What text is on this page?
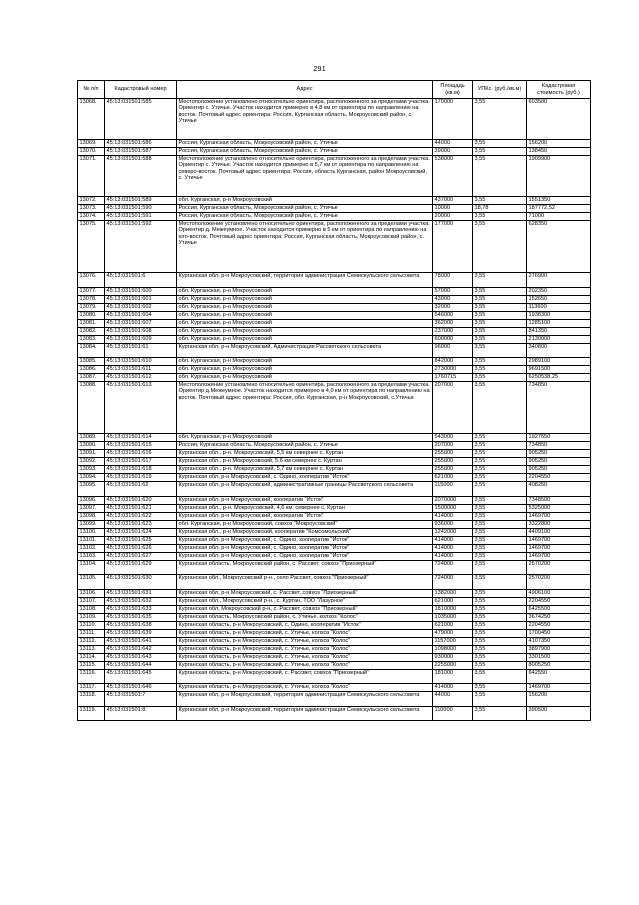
291
№ п/п	Кадастровый номер	Адрес	Площадь (кв.м)	УПКс. (руб./кв.м)	Кадастровая стоимость (руб.)
13068.	45:13:031501:585	Местоположение установлено относительно ориентира, расположенного за пределами участка. Ориентир с. Утичье. Участок находится примерно в 4,8 км от ориентира по направлению на восток. Почтовый адрес ориентира: Россия, Курганская область, Мокроусовский район, с. Утичье	170000	3,55	603500
13069.	45:13:031501:586	Россия, Курганская область, Мокроусовский район, с. Утичье	44000	3,55	156200
13070.	45:13:031501:587	Россия, Курганская область, Мокроусовский район, с. Утичье	39000	3,55	138450
13071.	45:13:031501:588	Местоположение установлено относительно ориентира, расположенного за пределами участка. Ориентир с. Утичье. Участок находится примерно в 5,7 км от ориентира по направлению на северо-восток. Почтовый адрес ориентира: Россия, область Курганская, район Мокроусовский, с. Утичье	538000	3,55	1909900
13072.	45:13:031501:589	обл. Курганская, р-н Мокроусовский	437000	3,55	1551350
13073.	45:13:031501:590	Россия, Курганская область, Мокроусовский район, с. Утичье	10000	18,78	187772,52
13074.	45:13:031501:591	Россия, Курганская область, Мокроусовский район, с. Утичье	20000	3,55	71000
13075.	45:13:031501:592	Местоположение установлено относительно ориентира, расположенного за пределами участка. Ориентир д. Межеумное. Участок находится примерно в 5 км от ориентира по направлению на юго-восток. Почтовый адрес ориентира: Россия, Курганская область, Мокроусовский район, с. Утичье	177000	3,55	628350
13076.	45:13:031501:6	Курганская обл, р-н Мокроусовский, территория администрация Семискульского сельсовета	78000	3,55	276900
13077.	45:13:031501:600	обл. Курганская, р-н Мокроусовский	57000	3,55	202350
13078.	45:13:031501:601	обл. Курганская, р-н Мокроусовский	43000	3,55	152650
13079.	45:13:031501:602	обл. Курганская, р-н Мокроусовский	32000	3,55	113600
13080.	45:13:031501:604	обл. Курганская, р-н Мокроусовский	546000	3,55	1938300
13081.	45:13:031501:607	обл. Курганская, р-н Мокроусовский	362000	3,55	1285100
13082.	45:13:031501:608	обл. Курганская, р-н Мокроусовский	237000	3,55	841350
13083.	45:13:031501:609	обл. Курганская, р-н Мокроусовский	600000	3,55	2130000
13084.	45:13:031501:61	Курганская обл, р-н Мокроусовский, Администрация Рассветского сельсовета	96000	3,55	340800
13085.	45:13:031501:610	обл. Курганская, р-н Мокроусовский	842000	3,55	2989100
13086.	45:13:031501:611	обл. Курганская, р-н Мокроусовский	2730000	3,55	9691500
13087.	45:13:031501:612	обл. Курганская, р-н Мокроусовский	1760715	3,55	6250538,25
13088.	45:13:031501:613	Местоположение установлено относительно ориентира, расположенного за пределами участка. Ориентир д.Межеумное. Участок находится примерно в 4,0 км от ориентира по направлению на восток. Почтовый адрес ориентира: Россия, обл. Курганская, р-н Мокроусовский, с.Утичье	207000	3,55	734850
13089.	45:13:031501:614	обл. Курганская, р-н Мокроусовский	543000	3,55	1927650
13090.	45:13:031501:615	Россия, Курганская область, Мокроусовский район, с. Утичье	207000	3,55	734850
13091.	45:13:031501:616	Курганская обл., р-н. Мокроусовский, 5,5 км севернее с. Куртан	255000	3,55	905250
13092.	45:13:031501:617	Курганская обл., р-н Мокроусовский, 5,6 км севернее с. Куртан	255000	3,55	905250
13093.	45:13:031501:618	Курганская обл., р-н. Мокроусовский, 5,7 км севернее с. Куртан	255000	3,55	905250
13094.	45:13:031501:619	Курганская обл, р-н Мокроусовский, с. Одино, кооператив "Исток"	621000	3,55	2204550
13095.	45:13:031501:62	Курганская обл, р-н Мокроусовский, административные границы Рассветского сельсовета	115000	3,55	408250
13096.	45:13:031501:620	Курганская обл, р-н Мокроусовский, кооператив "Исток"	2070000	3,55	7348500
13097.	45:13:031501:621	Курганская обл., р-н. Мокроусовский, 4,6 км. севернее с. Куртан	1500000	3,55	5325000
13098.	45:13:031501:622	Курганская обл, р-н Мокроусовский, кооператив "Исток"	414000	3,55	1469700
13099.	45:13:031501:623	обл. Курганская, р-н Мокроусовский, совхоз "Мокроусовский"	936000	3,55	3322800
13100.	45:13:031501:624	Курганская обл., р-н Мокроусовский, кооператив "Комсомольский"	1242000	3,55	4409100
13101.	45:13:031501:625	Курганская обл, р-н Мокроусовский, с. Одино, кооператив "Исток"	414000	3,55	1469700
13102.	45:13:031501:626	Курганская обл, р-н Мокроусовский, с. Одино, кооператив "Исток"	414000	3,55	1469700
13103.	45:13:031501:627	Курганская обл, р-н Мокроусовский, с. Одино, кооператив "Исток"	414000	3,55	1469700
13104.	45:13:031501:629	Курганская область, Мокроусовский район, с. Рассвет, совхоз "Приозерный"	724000	3,55	2570200
13105.	45:13:031501:630	Курганская обл., Мокроусовский р-н., село Рассвет, совхоз "Приозерный"	724000	3,55	2570200
13106.	45:13:031501:631	Курганская обл, р-н Мокроусовский, с. Рассвет, совхоз "Приозерный"	1382000	3,55	4906100
13107.	45:13:031501:632	Курганская обл., Мокроусовский р-н., с. Куртан, ТОО "Лазурное"	621000	3,55	2204550
13108.	45:13:031501:633	Курганская обл, Мокроусовский р-н, с. Рассвет, совхоз "Приозерный"	1810000	3,55	6425500
13109.	45:13:031501:635	Курганская область, Мокроусовский район, с. Утичье, колхоз "Колос"	1035000	3,55	3674250
13110.	45:13:031501:638	Курганская область, р-н Мокроусовский, с. Одино, кооператив "Исток"	621000	3,55	2204550
13111.	45:13:031501:639	Курганская область, р-н Мокроусовский, с. Утичье, колхоз "Колос"	479000	3,55	1700450
13112.	45:13:031501:641	Курганская область, р-н Мокроусовский, с. Утичье, колхоз "Колос"	1157000	3,55	4107350
13113.	45:13:031501:642	Курганская область, р-н Мокроусовский, с. Утичье, колхоз "Колос"	1098000	3,55	3897900
13114.	45:13:031501:643	Курганская область, р-н Мокроусовский, с. Утичье, колхоз "Колос"	930000	3,55	3301500
13115.	45:13:031501:644	Курганская область, р-н Мокроусовский, с. Утичье, колхоз "Колос"	2255000	3,55	8005250
13116.	45:13:031501:645	Курганская область, р-н Мокроусовский, с. Рассвет, совхоз "Приозерный"	181000	3,55	642550
13117.	45:13:031501:646	Курганская область, р-н Мокроусовский, с. Утичье, колхоз "Колос"	414000	3,55	1469700
13118.	45:13:031501:7	Курганская обл, р-н Мокроусовский, территория администрация Семискульского сельсовета	44000	3,55	156200
13119.	45:13:031501:8	Курганская обл, р-н Мокроусовский, территория администрация Семискульского сельсовета	110000	3,55	390500
